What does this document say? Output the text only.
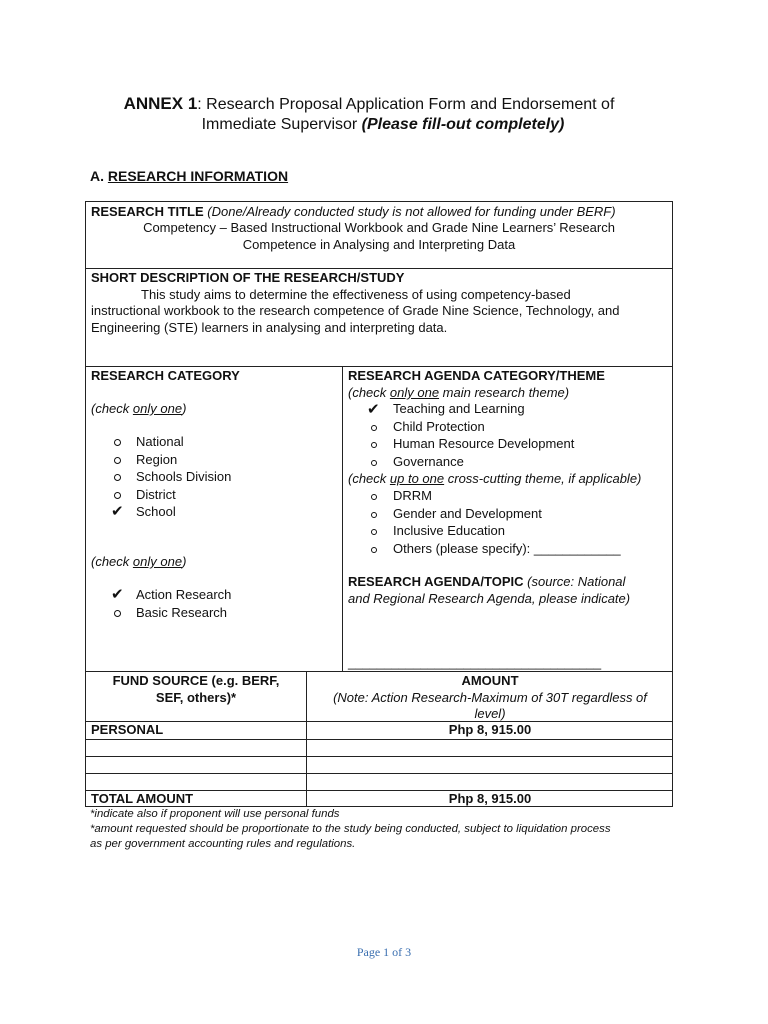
ANNEX 1: Research Proposal Application Form and Endorsement of
Immediate Supervisor (Please fill-out completely)
A. RESEARCH INFORMATION
RESEARCH TITLE (Done/Already conducted study is not allowed for funding under BERF)
Competency – Based Instructional Workbook and Grade Nine Learners’ Research
Competence in Analysing and Interpreting Data
SHORT DESCRIPTION OF THE RESEARCH/STUDY
This study aims to determine the effectiveness of using competency-based
instructional workbook to the research competence of Grade Nine Science, Technology, and
Engineering (STE) learners in analysing and interpreting data.
RESEARCH CATEGORY
(check only one)
National
Region
Schools Division
District
✔ School
(check only one)
✔ Action Research
Basic Research
RESEARCH AGENDA CATEGORY/THEME
(check only one main research theme)
✔ Teaching and Learning
Child Protection
Human Resource Development
Governance
(check up to one cross-cutting theme, if applicable)
DRRM
Gender and Development
Inclusive Education
Others (please specify): ____________
RESEARCH AGENDA/TOPIC (source: National
and Regional Research Agenda, please indicate)
___________________________________
FUND SOURCE (e.g. BERF,
SEF, others)*
AMOUNT
(Note: Action Research-Maximum of 30T regardless of
level)
PERSONAL	Php 8, 915.00
TOTAL AMOUNT	Php 8, 915.00
*indicate also if proponent will use personal funds
*amount requested should be proportionate to the study being conducted, subject to liquidation process
as per government accounting rules and regulations.
Page 1 of 3
